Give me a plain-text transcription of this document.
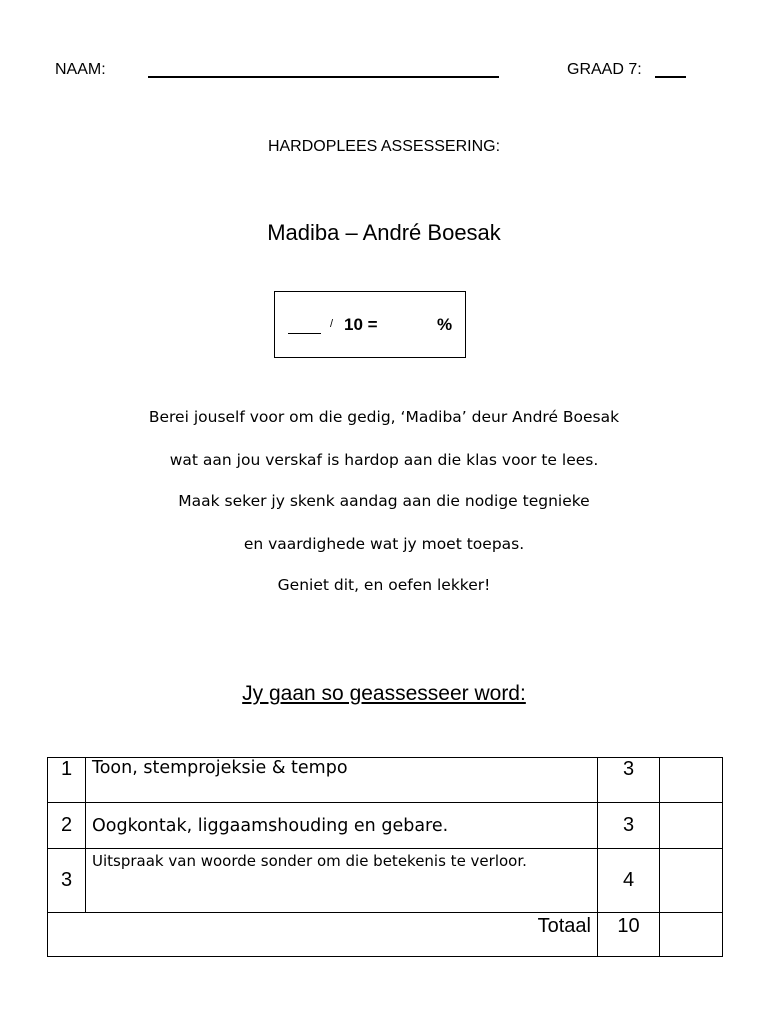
NAAM:	GRAAD 7:
HARDOPLEES ASSESSERING:
Madiba – André Boesak
/ 10 =	%
Berei jouself voor om die gedig, ‘Madiba’ deur André Boesak
wat aan jou verskaf is hardop aan die klas voor te lees.
Maak seker jy skenk aandag aan die nodige tegnieke
en vaardighede wat jy moet toepas.
Geniet dit, en oefen lekker!
Jy gaan so geassesseer word:
1	Toon, stemprojeksie & tempo	3	
2	Oogkontak, liggaamshouding en gebare.	3	
3	Uitspraak van woorde sonder om die betekenis te verloor.	4	
Totaal		10	
